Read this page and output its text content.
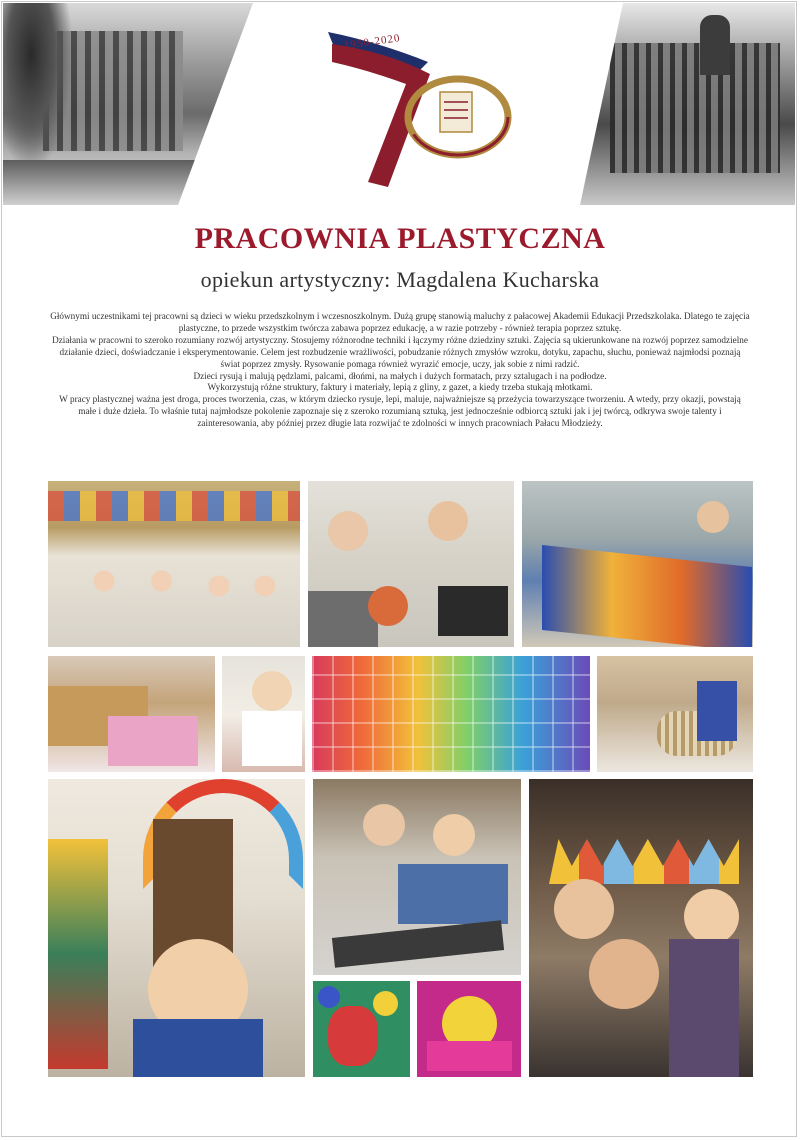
1950-2020
PRACOWNIA PLASTYCZNA
opiekun artystyczny: Magdalena Kucharska

Głównymi uczestnikami tej pracowni są dzieci w wieku przedszkolnym i wczesnoszkolnym. Dużą grupę stanowią maluchy z pałacowej Akademii Edukacji Przedszkolaka. Dlatego te zajęcia plastyczne, to przede wszystkim twórcza zabawa poprzez edukację, a w razie potrzeby - również terapia poprzez sztukę.

Działania w pracowni to szeroko rozumiany rozwój artystyczny. Stosujemy różnorodne techniki i łączymy różne dziedziny sztuki. Zajęcia są ukierunkowane na rozwój poprzez samodzielne działanie dzieci, doświadczanie i eksperymentowanie. Celem jest rozbudzenie wrażliwości, pobudzanie różnych zmysłów wzroku, dotyku, zapachu, słuchu, ponieważ najmłodsi poznają świat poprzez zmysły. Rysowanie pomaga również wyrazić emocje, uczy, jak sobie z nimi radzić.

Dzieci rysują i malują pędzlami, palcami, dłońmi, na małych i dużych formatach, przy sztalugach i na podłodze.

Wykorzystują różne struktury, faktury i materiały, lepią z gliny, z gazet, a kiedy trzeba stukają młotkami.

W pracy plastycznej ważna jest droga, proces tworzenia, czas, w którym dziecko rysuje, lepi, maluje, najważniejsze są przeżycia towarzyszące tworzeniu. A wtedy, przy okazji, powstają małe i duże dzieła. To właśnie tutaj najmłodsze pokolenie zapoznaje się z szeroko rozumianą sztuką, jest jednocześnie odbiorcą sztuki jak i jej twórcą, odkrywa swoje talenty i zainteresowania, aby później przez długie lata rozwijać te zdolności w innych pracowniach Pałacu Młodzieży.
